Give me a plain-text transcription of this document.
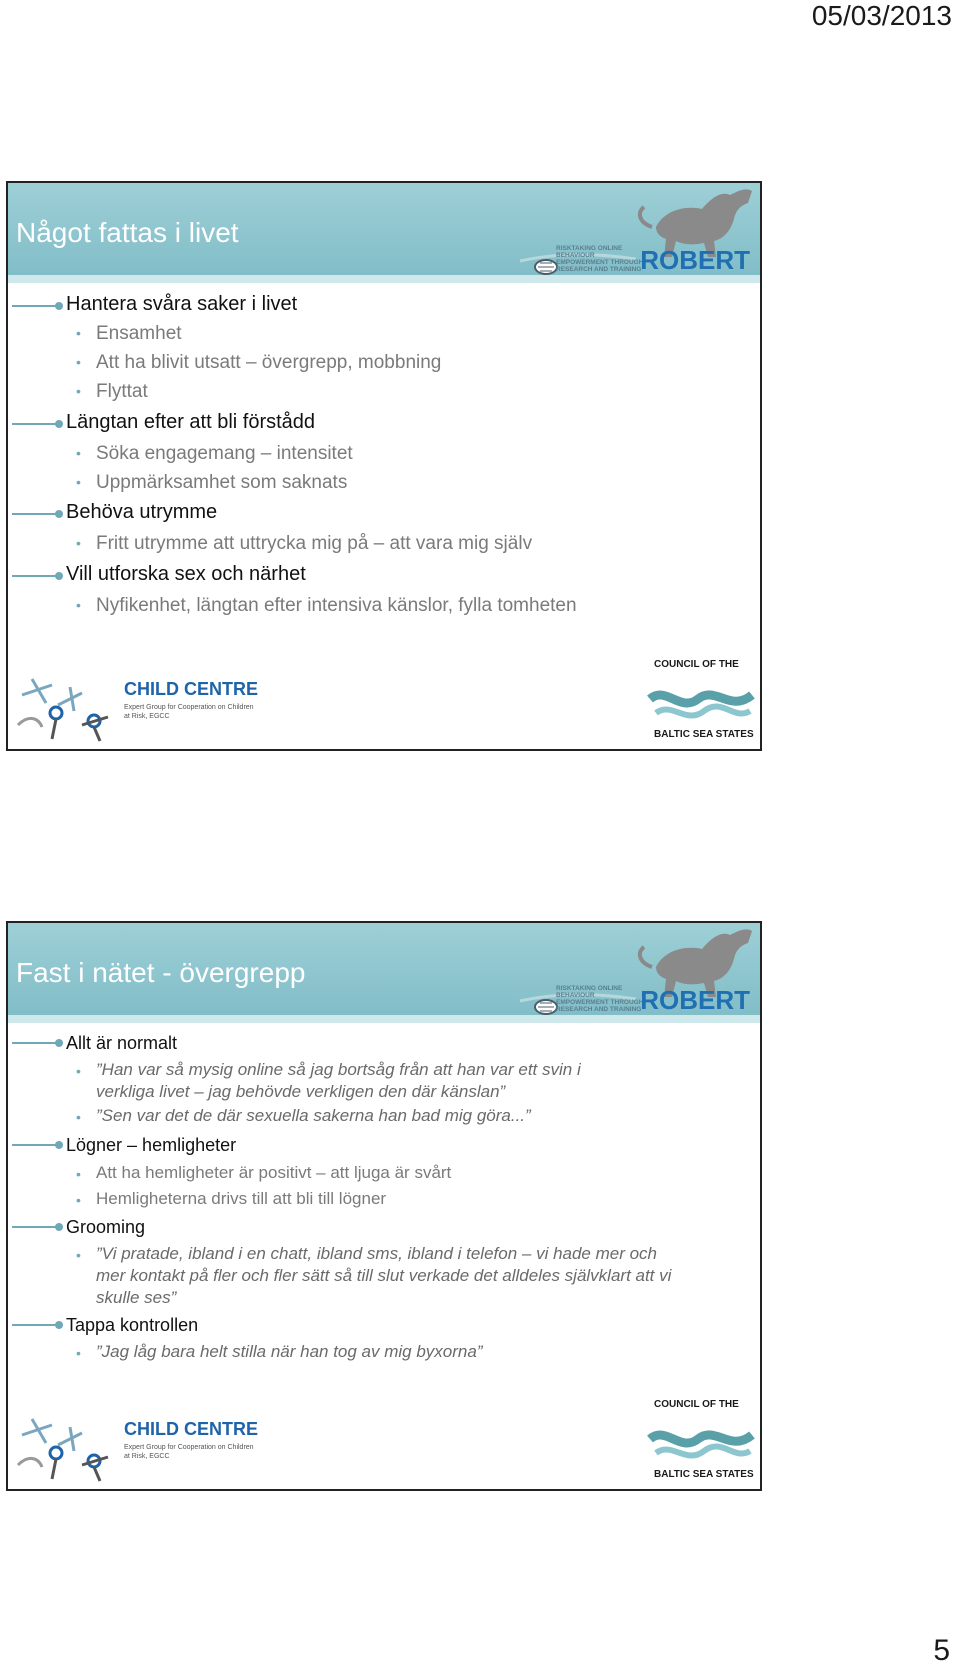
05/03/2013
Något fattas i livet
RISKTAKING ONLINE BEHAVIOUR EMPOWERMENT THROUGH RESEARCH AND TRAINING
ROBERT
Hantera svåra saker i livet
• Ensamhet
• Att ha blivit utsatt – övergrepp, mobbning
• Flyttat
Längtan efter att bli förstådd
• Söka engagemang – intensitet
• Uppmärksamhet som saknats
Behöva utrymme
• Fritt utrymme att uttrycka mig på – att vara mig själv
Vill utforska sex och närhet
• Nyfikenhet, längtan efter intensiva känslor, fylla tomheten
CHILD CENTRE
Expert Group for Cooperation on Children at Risk, EGCC
COUNCIL OF THE
BALTIC SEA STATES
Fast i nätet - övergrepp
RISKTAKING ONLINE BEHAVIOUR EMPOWERMENT THROUGH RESEARCH AND TRAINING
ROBERT
Allt är normalt
• ”Han var så mysig online så jag bortsåg från att han var ett svin i verkliga livet – jag behövde verkligen den där känslan”
• ”Sen var det de där sexuella sakerna han bad mig göra...”
Lögner – hemligheter
• Att ha hemligheter är positivt – att ljuga är svårt
• Hemligheterna drivs till att bli till lögner
Grooming
• ”Vi pratade, ibland i en chatt, ibland sms, ibland i telefon – vi hade mer och mer kontakt på fler och fler sätt så till slut verkade det alldeles självklart att vi skulle ses”
Tappa kontrollen
• ”Jag låg bara helt stilla när han tog av mig byxorna”
CHILD CENTRE
Expert Group for Cooperation on Children at Risk, EGCC
COUNCIL OF THE
BALTIC SEA STATES
5
